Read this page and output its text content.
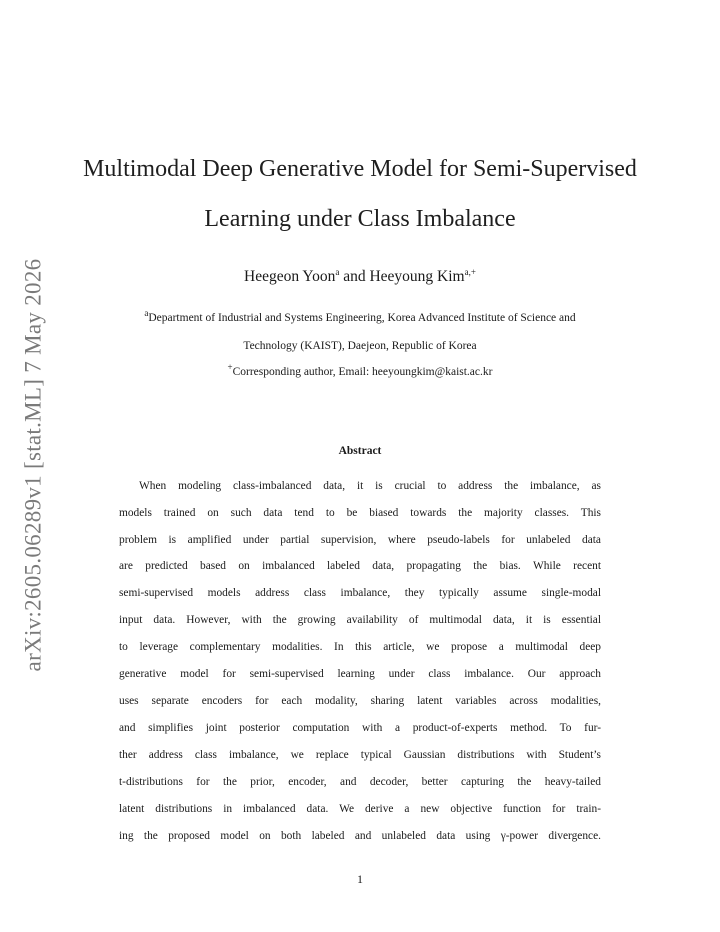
arXiv:2605.06289v1 [stat.ML] 7 May 2026
Multimodal Deep Generative Model for Semi-Supervised
Learning under Class Imbalance
Heegeon Yoon$^a$ and Heeyoung Kim$^{a,+}$

$^a$Department of Industrial and Systems Engineering, Korea Advanced Institute of Science and

Technology (KAIST), Daejeon, Republic of Korea

+Corresponding author, Email: heeyoungkim@kaist.ac.kr

Abstract

When modeling class-imbalanced data, it is crucial to address the imbalance, as

models trained on such data tend to be biased towards the majority classes. This

problem is amplified under partial supervision, where pseudo-labels for unlabeled data

are predicted based on imbalanced labeled data, propagating the bias. While recent

semi-supervised models address class imbalance, they typically assume single-modal

input data. However, with the growing availability of multimodal data, it is essential

to leverage complementary modalities. In this article, we propose a multimodal deep

generative model for semi-supervised learning under class imbalance. Our approach

uses separate encoders for each modality, sharing latent variables across modalities,

and simplifies joint posterior computation with a product-of-experts method. To fur-

ther address class imbalance, we replace typical Gaussian distributions with Student’s

t-distributions for the prior, encoder, and decoder, better capturing the heavy-tailed

latent distributions in imbalanced data. We derive a new objective function for train-

ing the proposed model on both labeled and unlabeled data using γ-power divergence.

1
